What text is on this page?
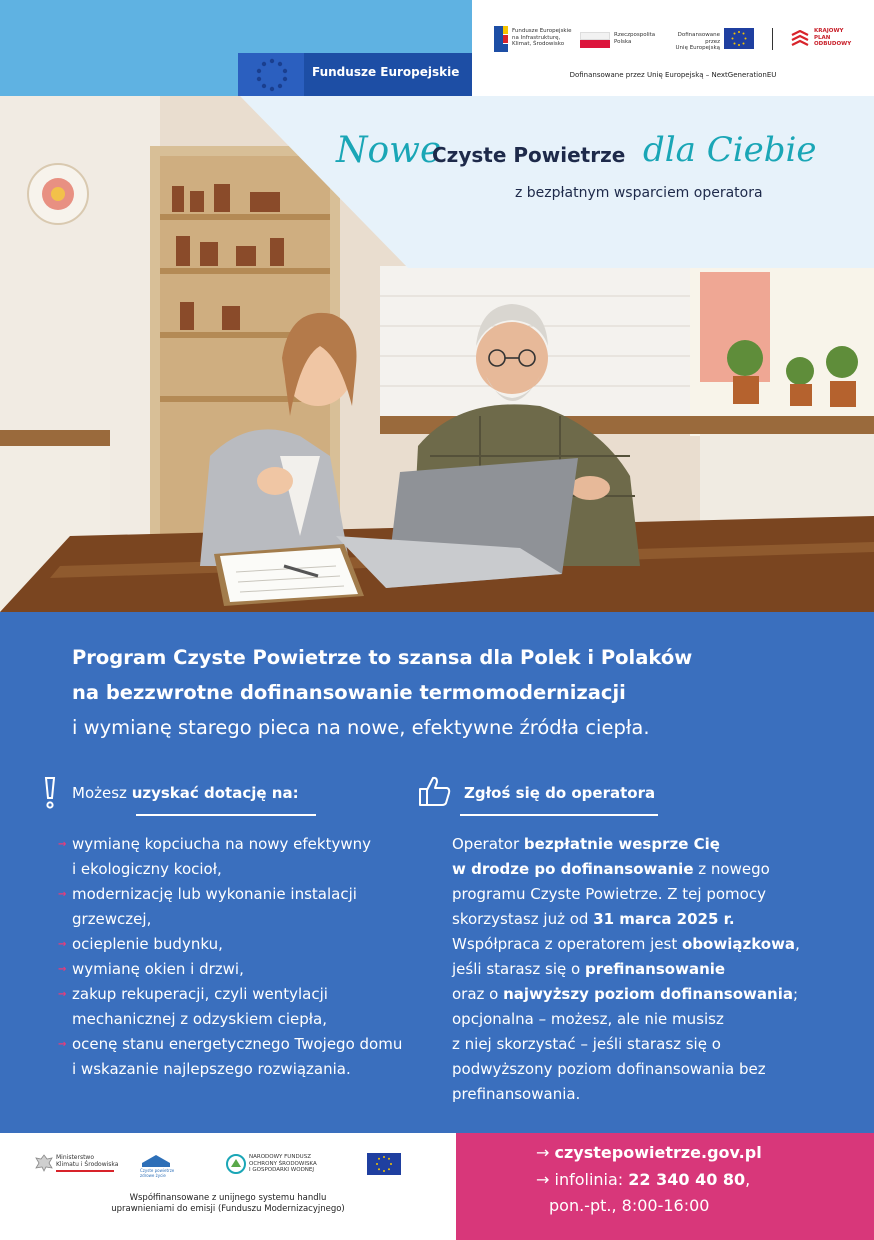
Fundusze Europejskie
Fundusze Europejskie
na Infrastrukturę,
Klimat, Środowisko
Rzeczpospolita
Polska
Dofinansowane przez
Unię Europejską
KRAJOWY
PLAN
ODBUDOWY
Dofinansowane przez Unię Europejską – NextGenerationEU
Nowe
Czyste Powietrze dla Ciebie
z bezpłatnym wsparciem operatora
Program Czyste Powietrze to szansa dla Polek i Polaków
na bezzwrotne dofinansowanie termomodernizacji
i wymianę starego pieca na nowe, efektywne źródła ciepła.
Możesz uzyskać dotację na:	Zgłoś się do operatora
→ wymianę kopciucha na nowy efektywny
i ekologiczny kocioł,
→ modernizację lub wykonanie instalacji
grzewczej,
→ ocieplenie budynku,
→ wymianę okien i drzwi,
→ zakup rekuperacji, czyli wentylacji
mechanicznej z odzyskiem ciepła,
→ ocenę stanu energetycznego Twojego domu
i wskazanie najlepszego rozwiązania.
Operator bezpłatnie wesprze Cię
w drodze po dofinansowanie z nowego
programu Czyste Powietrze. Z tej pomocy
skorzystasz już od 31 marca 2025 r.
Współpraca z operatorem jest obowiązkowa,
jeśli starasz się o prefinansowanie
oraz o najwyższy poziom dofinansowania;
opcjonalna – możesz, ale nie musisz
z niej skorzystać – jeśli starasz się o
podwyższony poziom dofinansowania bez
prefinansowania.
Ministerstwo
Klimatu i Środowiska
Czyste powietrze
zdrowe życie
NARODOWY FUNDUSZ
OCHRONY ŚRODOWISKA
I GOSPODARKI WODNEJ
Współfinansowane z unijnego systemu handlu
uprawnieniami do emisji (Funduszu Modernizacyjnego)
→ czystepowietrze.gov.pl
→ infolinia: 22 340 40 80,
pon.-pt., 8:00-16:00
